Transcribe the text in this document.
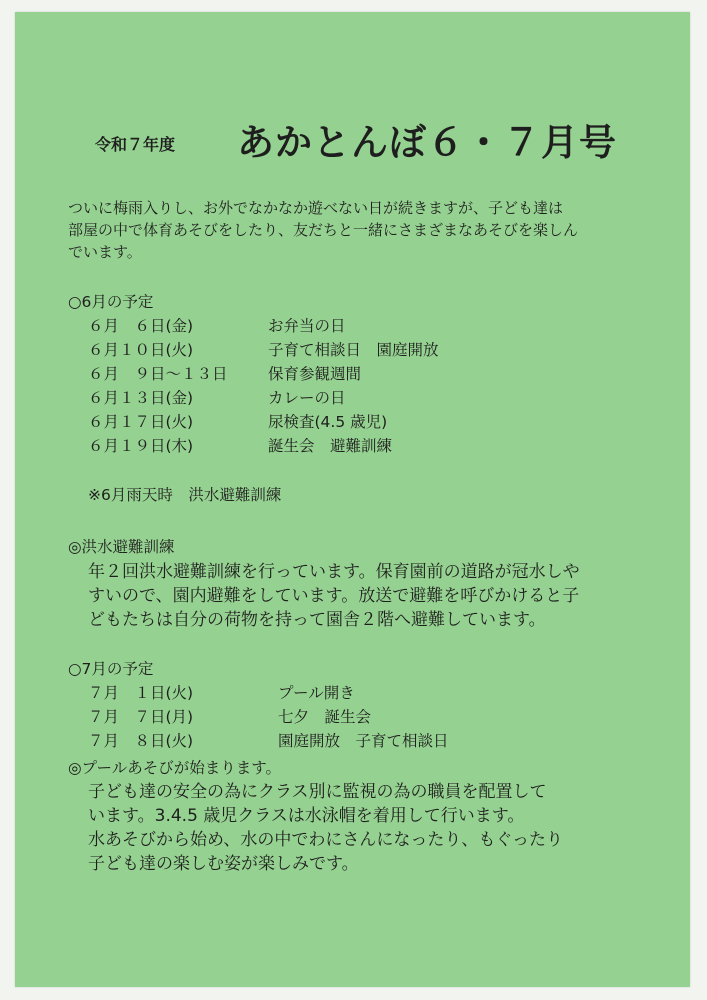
令和７年度 あかとんぼ６・７月号
ついに梅雨入りし、お外でなかなか遊べない日が続きますが、子ども達は
部屋の中で体育あそびをしたり、友だちと一緒にさまざまなあそびを楽しん
でいます。
○6月の予定
６月　６日(金)	お弁当の日
６月１０日(火)	子育て相談日　園庭開放
６月　９日〜１３日	保育参観週間
６月１３日(金)	カレーの日
６月１７日(火)	尿検査(4.5 歳児)
６月１９日(木)	誕生会　避難訓練
※6月雨天時　洪水避難訓練
◎洪水避難訓練
年２回洪水避難訓練を行っています。保育園前の道路が冠水しや
すいので、園内避難をしています。放送で避難を呼びかけると子
どもたちは自分の荷物を持って園舎２階へ避難しています。
○7月の予定
７月　１日(火)	プール開き
７月　７日(月)	七夕　誕生会
７月　８日(火)	園庭開放　子育て相談日
◎プールあそびが始まります。
子ども達の安全の為にクラス別に監視の為の職員を配置して
います。3.4.5 歳児クラスは水泳帽を着用して行います。
水あそびから始め、水の中でわにさんになったり、もぐったり
子ども達の楽しむ姿が楽しみです。
